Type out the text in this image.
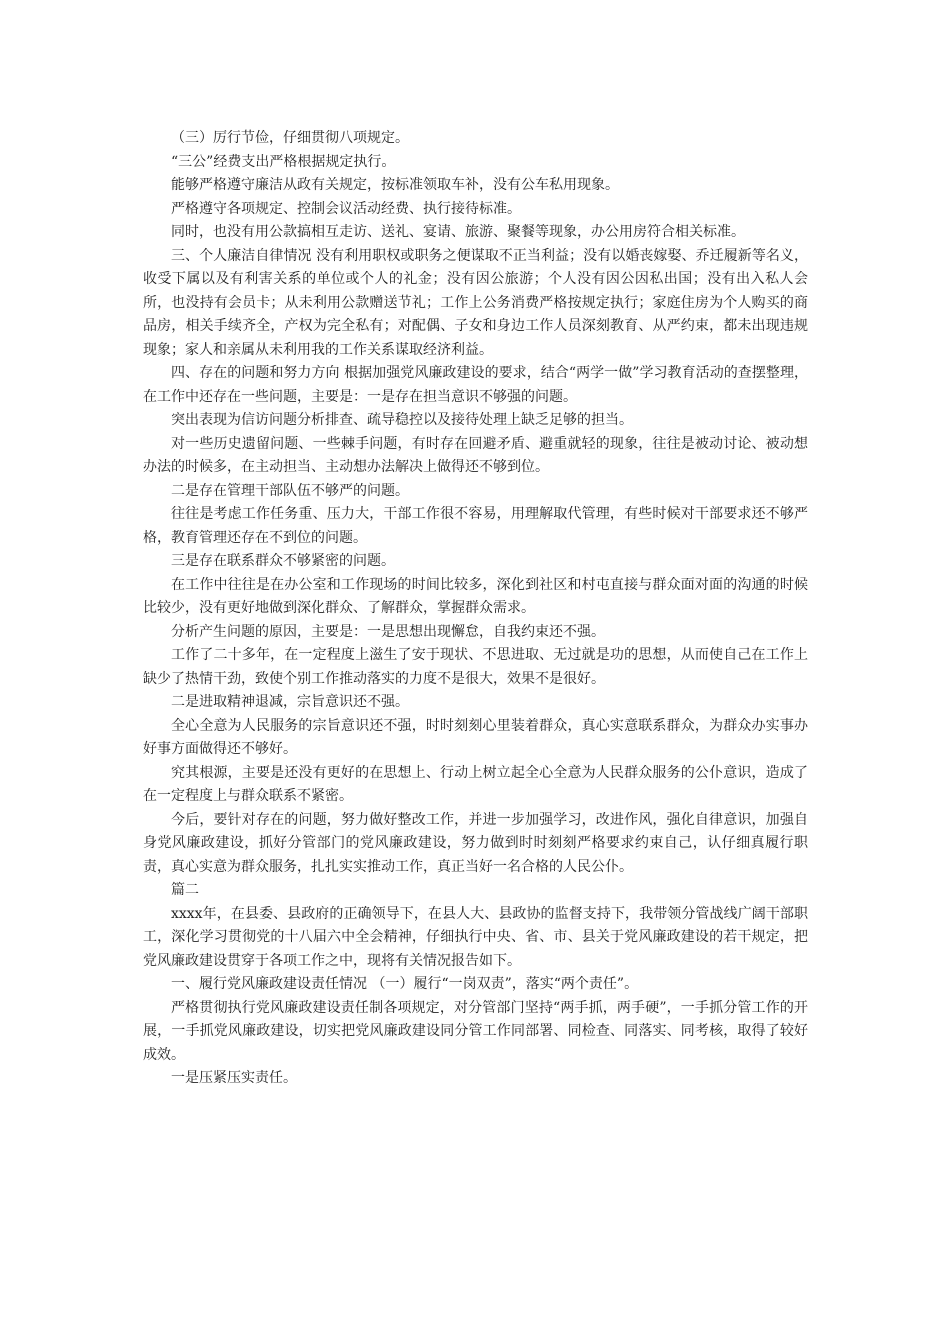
（三）厉行节俭，仔细贯彻八项规定。

“三公”经费支出严格根据规定执行。

能够严格遵守廉洁从政有关规定，按标准领取车补，没有公车私用现象。

严格遵守各项规定、控制会议活动经费、执行接待标准。

同时，也没有用公款搞相互走访、送礼、宴请、旅游、聚餐等现象，办公用房符合相关标准。

三、个人廉洁自律情况 没有利用职权或职务之便谋取不正当利益；没有以婚丧嫁娶、乔迁履新等名义，收受下属以及有利害关系的单位或个人的礼金；没有因公旅游；个人没有因公因私出国；没有出入私人会所，也没持有会员卡；从未利用公款赠送节礼；工作上公务消费严格按规定执行；家庭住房为个人购买的商品房，相关手续齐全，产权为完全私有；对配偶、子女和身边工作人员深刻教育、从严约束，都未出现违规现象；家人和亲属从未利用我的工作关系谋取经济利益。

四、存在的问题和努力方向 根据加强党风廉政建设的要求，结合“两学一做”学习教育活动的查摆整理，在工作中还存在一些问题，主要是：一是存在担当意识不够强的问题。

突出表现为信访问题分析排查、疏导稳控以及接待处理上缺乏足够的担当。

对一些历史遗留问题、一些棘手问题，有时存在回避矛盾、避重就轻的现象，往往是被动讨论、被动想办法的时候多，在主动担当、主动想办法解决上做得还不够到位。

二是存在管理干部队伍不够严的问题。

往往是考虑工作任务重、压力大，干部工作很不容易，用理解取代管理，有些时候对干部要求还不够严格，教育管理还存在不到位的问题。

三是存在联系群众不够紧密的问题。

在工作中往往是在办公室和工作现场的时间比较多，深化到社区和村屯直接与群众面对面的沟通的时候比较少，没有更好地做到深化群众、了解群众，掌握群众需求。

分析产生问题的原因，主要是：一是思想出现懈怠，自我约束还不强。

工作了二十多年，在一定程度上滋生了安于现状、不思进取、无过就是功的思想，从而使自己在工作上缺少了热情干劲，致使个别工作推动落实的力度不是很大，效果不是很好。

二是进取精神退减，宗旨意识还不强。

全心全意为人民服务的宗旨意识还不强，时时刻刻心里装着群众，真心实意联系群众，为群众办实事办好事方面做得还不够好。

究其根源，主要是还没有更好的在思想上、行动上树立起全心全意为人民群众服务的公仆意识，造成了在一定程度上与群众联系不紧密。

今后，要针对存在的问题，努力做好整改工作，并进一步加强学习，改进作风，强化自律意识，加强自身党风廉政建设，抓好分管部门的党风廉政建设，努力做到时时刻刻严格要求约束自己，认仔细真履行职责，真心实意为群众服务，扎扎实实推动工作，真正当好一名合格的人民公仆。

篇二

xxxx年，在县委、县政府的正确领导下，在县人大、县政协的监督支持下，我带领分管战线广阔干部职工，深化学习贯彻党的十八届六中全会精神，仔细执行中央、省、市、县关于党风廉政建设的若干规定，把党风廉政建设贯穿于各项工作之中，现将有关情况报告如下。

一、履行党风廉政建设责任情况 （一）履行“一岗双责”，落实“两个责任”。

严格贯彻执行党风廉政建设责任制各项规定，对分管部门坚持“两手抓，两手硬”，一手抓分管工作的开展，一手抓党风廉政建设，切实把党风廉政建设同分管工作同部署、同检查、同落实、同考核，取得了较好成效。

一是压紧压实责任。
